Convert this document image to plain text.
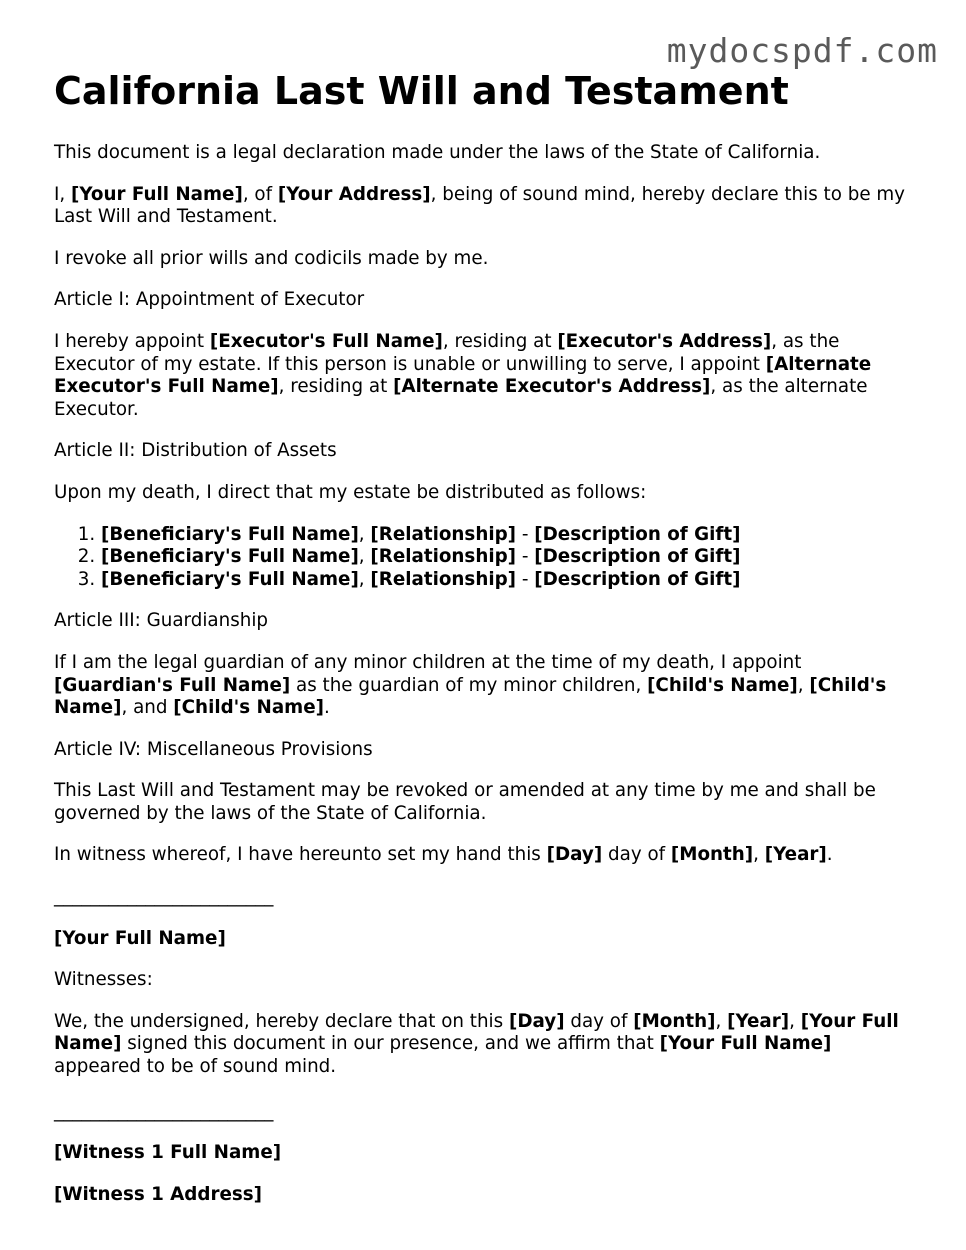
mydocspdf.com
California Last Will and Testament

This document is a legal declaration made under the laws of the State of California.

I, [Your Full Name], of [Your Address], being of sound mind, hereby declare this to be my Last Will and Testament.

I revoke all prior wills and codicils made by me.

Article I: Appointment of Executor

I hereby appoint [Executor's Full Name], residing at [Executor's Address], as the Executor of my estate. If this person is unable or unwilling to serve, I appoint [Alternate Executor's Full Name], residing at [Alternate Executor's Address], as the alternate Executor.

Article II: Distribution of Assets

Upon my death, I direct that my estate be distributed as follows:

1. [Beneficiary's Full Name], [Relationship] - [Description of Gift]
2. [Beneficiary's Full Name], [Relationship] - [Description of Gift]
3. [Beneficiary's Full Name], [Relationship] - [Description of Gift]

Article III: Guardianship

If I am the legal guardian of any minor children at the time of my death, I appoint [Guardian's Full Name] as the guardian of my minor children, [Child's Name], [Child's Name], and [Child's Name].

Article IV: Miscellaneous Provisions

This Last Will and Testament may be revoked or amended at any time by me and shall be governed by the laws of the State of California.

In witness whereof, I have hereunto set my hand this [Day] day of [Month], [Year].

________________________

[Your Full Name]

Witnesses:

We, the undersigned, hereby declare that on this [Day] day of [Month], [Year], [Your Full Name] signed this document in our presence, and we affirm that [Your Full Name] appeared to be of sound mind.

________________________

[Witness 1 Full Name]

[Witness 1 Address]
